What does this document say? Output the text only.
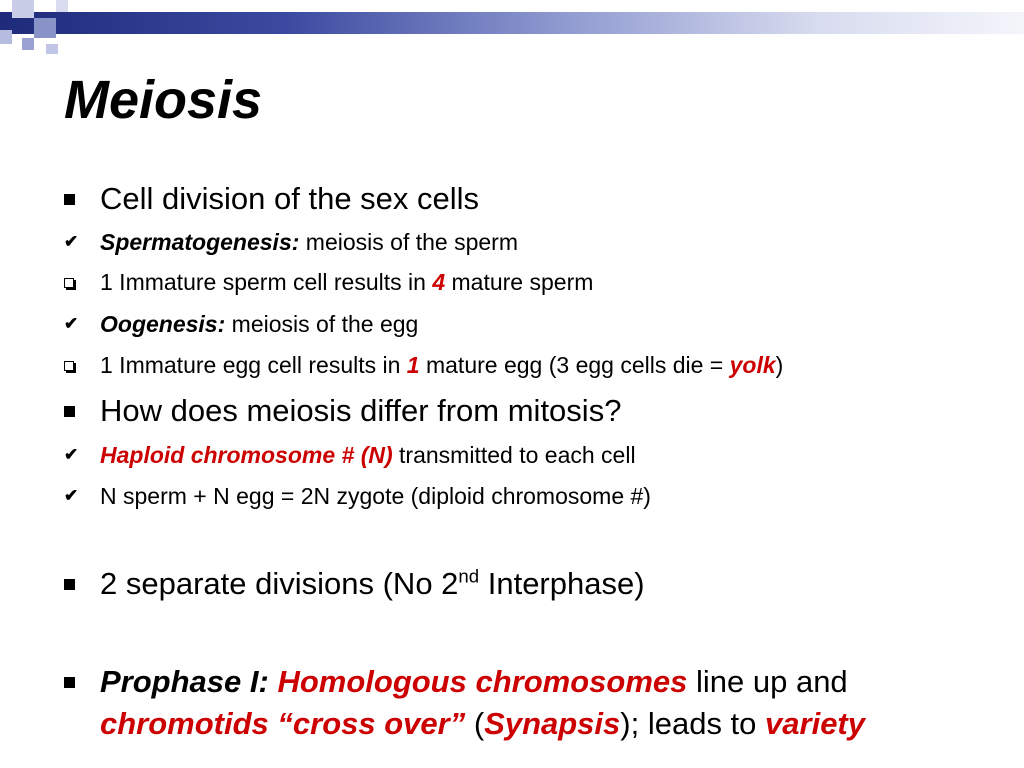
Meiosis
Cell division of the sex cells
✔ Spermatogenesis: meiosis of the sperm
1 Immature sperm cell results in 4 mature sperm
✔ Oogenesis: meiosis of the egg
1 Immature egg cell results in 1 mature egg (3 egg cells die = yolk)
How does meiosis differ from mitosis?
✔ Haploid chromosome # (N) transmitted to each cell
✔ N sperm + N egg = 2N zygote (diploid chromosome #)
2 separate divisions (No 2nd Interphase)
Prophase I: Homologous chromosomes line up and
chromotids “cross over” (Synapsis); leads to variety
